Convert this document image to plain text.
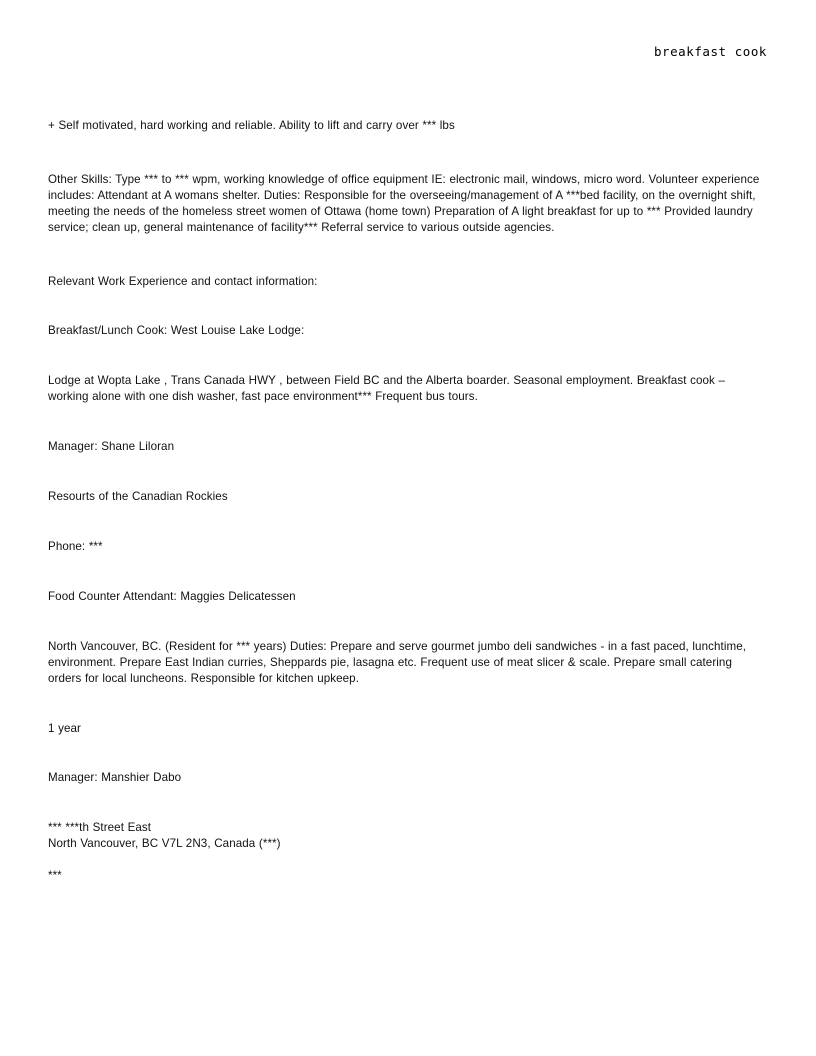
breakfast cook

+ Self motivated, hard working and reliable. Ability to lift and carry over *** lbs

Other Skills: Type *** to *** wpm, working knowledge of office equipment IE: electronic mail, windows, micro word. Volunteer experience includes: Attendant at A womans shelter. Duties: Responsible for the overseeing/management of A ***bed facility, on the overnight shift, meeting the needs of the homeless street women of Ottawa (home town) Preparation of A light breakfast for up to *** Provided laundry service; clean up, general maintenance of facility*** Referral service to various outside agencies.

Relevant Work Experience and contact information:

Breakfast/Lunch Cook: West Louise Lake Lodge:

Lodge at Wopta Lake , Trans Canada HWY , between Field BC and the Alberta boarder. Seasonal employment. Breakfast cook – working alone with one dish washer, fast pace environment*** Frequent bus tours.

Manager: Shane Liloran

Resourts of the Canadian Rockies

Phone: ***

Food Counter Attendant: Maggies Delicatessen

North Vancouver, BC. (Resident for *** years) Duties: Prepare and serve gourmet jumbo deli sandwiches - in a fast paced, lunchtime, environment. Prepare East Indian curries, Sheppards pie, lasagna etc. Frequent use of meat slicer & scale. Prepare small catering orders for local luncheons. Responsible for kitchen upkeep.

1 year

Manager: Manshier Dabo

*** ***th Street East

North Vancouver, BC V7L 2N3, Canada (***)

***
